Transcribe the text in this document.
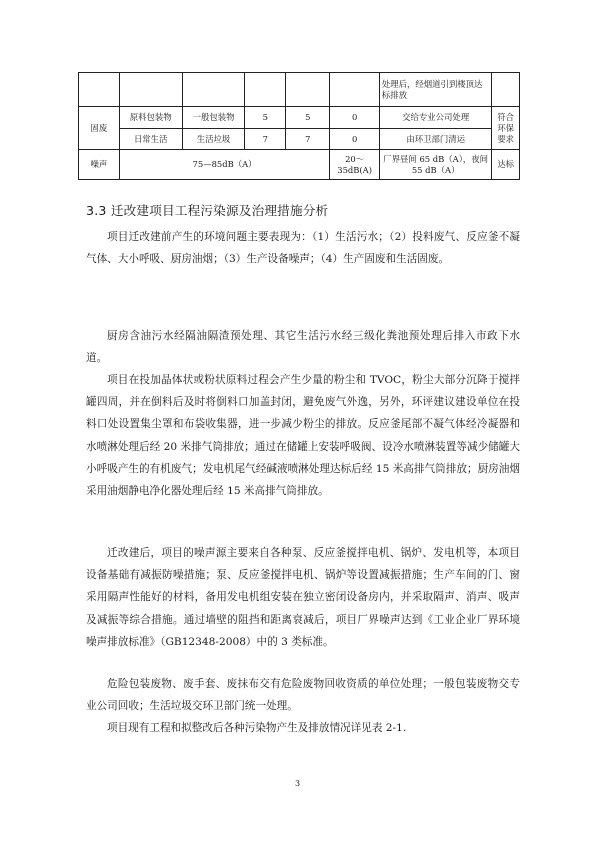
						处理后，经烟道引到楼顶达标排放	
固废	原料包装物	一般包装物	5	5	0	交给专业公司处理	符合环保要求
	日常生活	生活垃圾	7	7	0	由环卫部门清运	
噪声	75—85dB（A）				20～35dB(A)	厂界昼间 65 dB（A），夜间 55 dB（A）	达标
3.3 迁改建项目工程污染源及治理措施分析

项目迁改建前产生的环境问题主要表现为：（1）生活污水；（2）投料废气、反应釜不凝气体、大小呼吸、厨房油烟；（3）生产设备噪声；（4）生产固废和生活固废。

厨房含油污水经隔油隔渣预处理、其它生活污水经三级化粪池预处理后排入市政下水道。

项目在投加晶体状或粉状原料过程会产生少量的粉尘和 TVOC，粉尘大部分沉降于搅拌罐四周，并在倒料后及时将倒料口加盖封闭，避免废气外逸，另外，环评建议建设单位在投料口处设置集尘罩和布袋收集器，进一步减少粉尘的排放。反应釜尾部不凝气体经冷凝器和水喷淋处理后经 20 米排气筒排放；通过在储罐上安装呼吸阀、设冷水喷淋装置等减少储罐大小呼吸产生的有机废气；发电机尾气经碱液喷淋处理达标后经 15 米高排气筒排放；厨房油烟采用油烟静电净化器处理后经 15 米高排气筒排放。

迁改建后，项目的噪声源主要来自各种泵、反应釜搅拌电机、锅炉、发电机等，本项目设备基础有减振防噪措施；泵、反应釜搅拌电机、锅炉等设置减振措施；生产车间的门、窗采用隔声性能好的材料，备用发电机组安装在独立密闭设备房内，并采取隔声、消声、吸声及减振等综合措施。通过墙壁的阻挡和距离衰减后，项目厂界噪声达到《工业企业厂界环境噪声排放标准》（GB12348-2008）中的 3 类标准。

危险包装废物、废手套、废抹布交有危险废物回收资质的单位处理；一般包装废物交专业公司回收；生活垃圾交环卫部门统一处理。

项目现有工程和拟整改后各种污染物产生及排放情况详见表 2-1.

3
